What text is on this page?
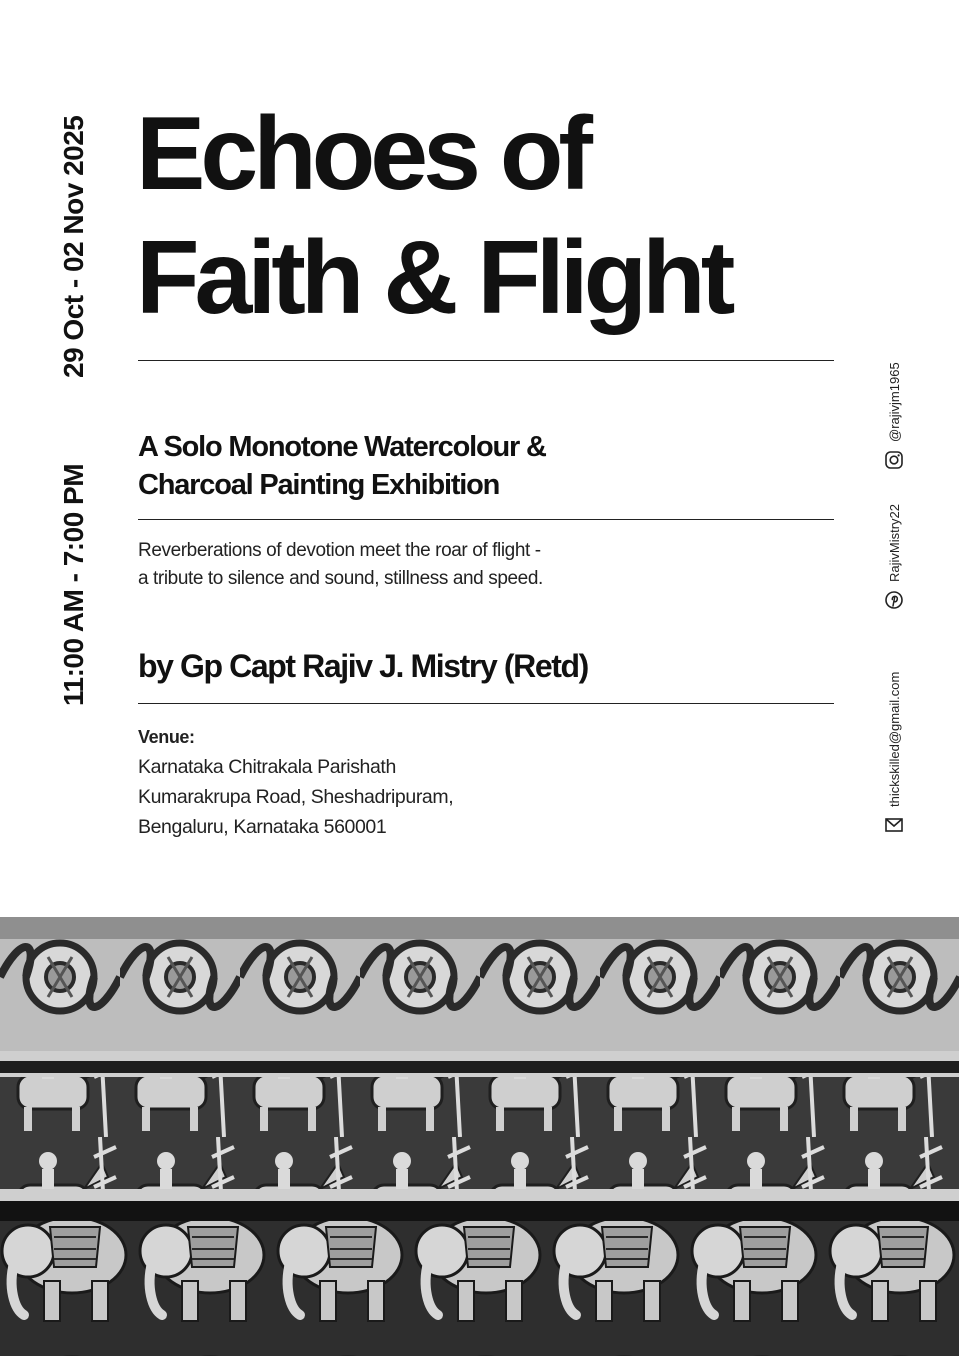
29 Oct - 02 Nov 2025
11:00 AM - 7:00 PM
Echoes of
Faith & Flight
A Solo Monotone Watercolour &
Charcoal Painting Exhibition
Reverberations of devotion meet the roar of flight -
a tribute to silence and sound, stillness and speed.
by Gp Capt Rajiv J. Mistry (Retd)
Venue:
Karnataka Chitrakala Parishath
Kumarakrupa Road, Sheshadripuram,
Bengaluru, Karnataka 560001
@rajivjm1965
RajivMistry22
thickskilled@gmail.com
